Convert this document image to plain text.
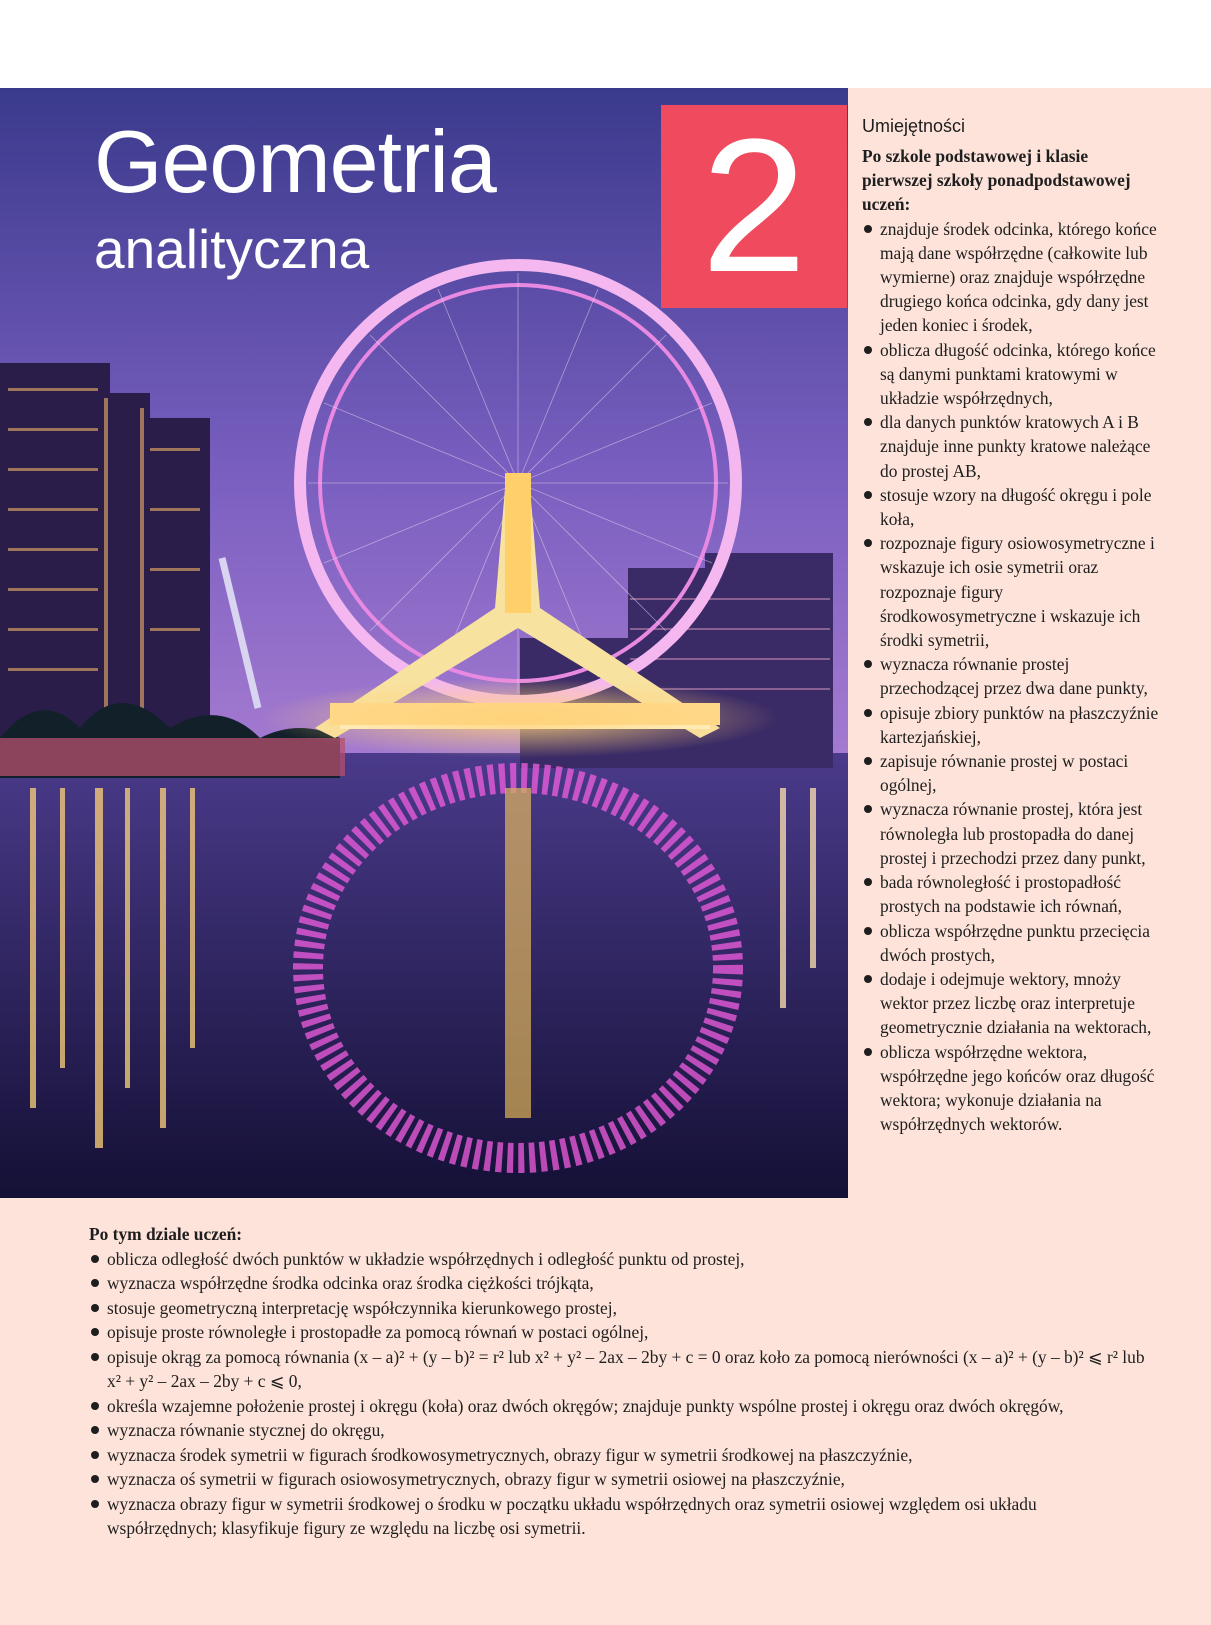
Geometria
analityczna 2	Umiejętności

Po szkole podstawowej i klasie pierwszej szkoły ponadpodstawowej uczeń:

znajduje środek odcinka, którego końce mają dane współrzędne (całkowite lub wymierne) oraz znajduje współrzędne drugiego końca odcinka, gdy dany jest jeden koniec i środek,
oblicza długość odcinka, którego końce są danymi punktami kratowymi w układzie współrzędnych,
dla danych punktów kratowych A i B znajduje inne punkty kratowe należące do prostej AB,
stosuje wzory na długość okręgu i pole koła,
rozpoznaje figury osiowosymetryczne i wskazuje ich osie symetrii oraz rozpoznaje figury środkowosymetryczne i wskazuje ich środki symetrii,
wyznacza równanie prostej przechodzącej przez dwa dane punkty,
opisuje zbiory punktów na płaszczyźnie kartezjańskiej,
zapisuje równanie prostej w postaci ogólnej,
wyznacza równanie prostej, która jest równoległa lub prostopadła do danej prostej i przechodzi przez dany punkt,
bada równoległość i prostopadłość prostych na podstawie ich równań,
oblicza współrzędne punktu przecięcia dwóch prostych,
dodaje i odejmuje wektory, mnoży wektor przez liczbę oraz interpretuje geometrycznie działania na wektorach,
oblicza współrzędne wektora, współrzędne jego końców oraz długość wektora; wykonuje działania na współrzędnych wektorów.

Po tym dziale uczeń:

oblicza odległość dwóch punktów w układzie współrzędnych i odległość punktu od prostej,
wyznacza współrzędne środka odcinka oraz środka ciężkości trójkąta,
stosuje geometryczną interpretację współczynnika kierunkowego prostej,
opisuje proste równoległe i prostopadłe za pomocą równań w postaci ogólnej,
opisuje okrąg za pomocą równania (x – a)² + (y – b)² = r² lub x² + y² – 2ax – 2by + c = 0 oraz koło za pomocą nierówności (x – a)² + (y – b)² ⩽ r² lub x² + y² – 2ax – 2by + c ⩽ 0,
określa wzajemne położenie prostej i okręgu (koła) oraz dwóch okręgów; znajduje punkty wspólne prostej i okręgu oraz dwóch okręgów,
wyznacza równanie stycznej do okręgu,
wyznacza środek symetrii w figurach środkowosymetrycznych, obrazy figur w symetrii środkowej na płaszczyźnie,
wyznacza oś symetrii w figurach osiowosymetrycznych, obrazy figur w symetrii osiowej na płaszczyźnie,
wyznacza obrazy figur w symetrii środkowej o środku w początku układu współrzędnych oraz symetrii osiowej względem osi układu współrzędnych; klasyfikuje figury ze względu na liczbę osi symetrii.
